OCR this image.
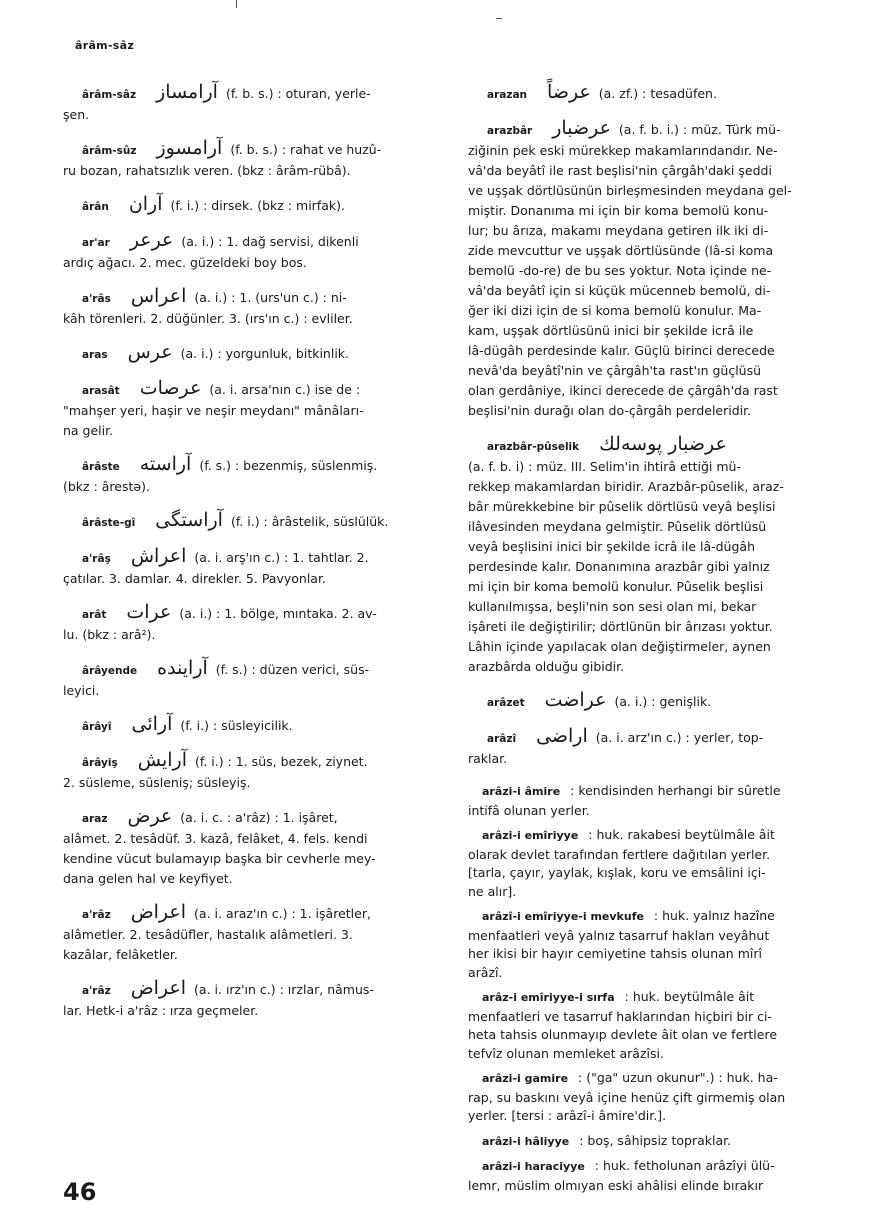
ârâm-sâz
ârâm-sâz آرامساز (f. b. s.) : oturan, yerle-
şen.
ârâm-sûz آرامسوز (f. b. s.) : rahat ve huzû-
ru bozan, rahatsızlık veren. (bkz : ârâm-rübâ).
ârân آران (f. i.) : dirsek. (bkz : mirfak).
ar'ar عرعر (a. i.) : 1. dağ servisi, dikenli
ardıç ağacı. 2. mec. güzeldeki boy bos.
a'râs اعراس (a. i.) : 1. (urs'un c.) : ni-
kâh törenleri. 2. düğünler. 3. (ırs'ın c.) : evliler.
aras عرس (a. i.) : yorgunluk, bitkinlik.
arasât عرصات (a. i. arsa'nın c.) ise de :
"mahşer yeri, haşir ve neşir meydanı" mânâları-
na gelir.
ârâste آراسته (f. s.) : bezenmiş, süslenmiş.
(bkz : ârestə).
ârâste-gî آراستگى (f. i.) : ârâstelik, süslülük.
a'râş اعراش (a. i. arş'ın c.) : 1. tahtlar. 2.
çatılar. 3. damlar. 4. direkler. 5. Pavyonlar.
arât عرات (a. i.) : 1. bölge, mıntaka. 2. av-
lu. (bkz : arâ²).
ârâyende آراينده (f. s.) : düzen verici, süs-
leyici.
ârâyî آرائى (f. i.) : süsleyicilik.
ârâyiş آرايش (f. i.) : 1. süs, bezek, ziynet.
2. süsleme, süsleniş; süsleyiş.
araz عرض (a. i. c. : a'râz) : 1. işâret,
alâmet. 2. tesâdüf. 3. kazâ, felâket, 4. fels. kendi
kendine vücut bulamayıp başka bir cevherle mey-
dana gelen hal ve keyfiyet.
a'râz اعراض (a. i. araz'ın c.) : 1. işâretler,
alâmetler. 2. tesâdüfler, hastalık alâmetleri. 3.
kazâlar, felâketler.
a'râz اعراض (a. i. ırz'ın c.) : ırzlar, nâmus-
lar. Hetk-i a'râz : ırza geçmeler.
arazan عرضاً (a. zf.) : tesadüfen.
arazbâr عرضبار (a. f. b. i.) : müz. Türk mü-
ziğinin pek eski mürekkep makamlarındandır. Ne-
vâ'da beyâtî ile rast beşlisi'nin çârgâh'daki şeddi
ve uşşak dörtlüsünün birleşmesinden meydana gel-
miştir. Donanıma mi için bir koma bemolü konu-
lur; bu ârıza, makamı meydana getiren ilk iki di-
zide mevcuttur ve uşşak dörtlüsünde (lâ-si koma
bemolü -do-re) de bu ses yoktur. Nota içinde ne-
vâ'da beyâtî için si küçük mücenneb bemolü, di-
ğer iki dizi için de si koma bemolü konulur. Ma-
kam, uşşak dörtlüsünü inici bir şekilde icrâ ile
lâ-dügâh perdesinde kalır. Güçlü birinci derecede
nevâ'da beyâtî'nin ve çârgâh'ta rast'ın güçlüsü
olan gerdâniye, ikinci derecede de çârgâh'da rast
beşlisi'nin durağı olan do-çârgâh perdeleridir.
arazbâr-pûselik عرضبار پوسه‌لك
(a. f. b. i) : müz. III. Selim'in ihtirâ ettiği mü-
rekkep makamlardan biridir. Arazbâr-pûselik, araz-
bâr mürekkebine bir pûselik dörtlüsü veyâ beşlisi
ilâvesinden meydana gelmiştir. Pûselik dörtlüsü
veyâ beşlisini inici bir şekilde icrâ ile lâ-dügâh
perdesinde kalır. Donanımına arazbâr gibi yalnız
mi için bir koma bemolü konulur. Pûselik beşlisi
kullanılmışsa, beşli'nin son sesi olan mi, bekar
işâreti ile değiştirilir; dörtlünün bir ârızası yoktur.
Lâhin içinde yapılacak olan değiştirmeler, aynen
arazbârda olduğu gibidir.
arâzet عراضت (a. i.) : genişlik.
arâzî اراضى (a. i. arz'ın c.) : yerler, top-
raklar.
arâzi-i âmire : kendisinden herhangi bir sûretle
intifâ olunan yerler.
arâzi-i emîriyye : huk. rakabesi beytülmâle âit
olarak devlet tarafından fertlere dağıtılan yerler.
[tarla, çayır, yaylak, kışlak, koru ve emsâlini içi-
ne alır].
arâzî-i emîriyye-i mevkufe : huk. yalnız hazîne
menfaatleri veyâ yalnız tasarruf hakları veyâhut
her ikisi bir hayır cemiyetine tahsis olunan mîrî
arâzî.
arâz-i emîriyye-i sırfa : huk. beytülmâle âit
menfaatleri ve tasarruf haklarından hiçbiri bir ci-
heta tahsis olunmayıp devlete âit olan ve fertlere
tefvîz olunan memleket arâzîsi.
arâzi-i gamire : ("ga" uzun okunur".) : huk. ha-
rap, su baskını veyâ içine henüz çift girmemiş olan
yerler. [tersi : arâzî-i âmire'dir.].
arâzi-i hâliyye : boş, sâhipsiz topraklar.
arâzi-i haraciyye : huk. fetholunan arâzîyi ülü-
lemr, müslim olmıyan eski ahâlisi elinde bırakır
46
